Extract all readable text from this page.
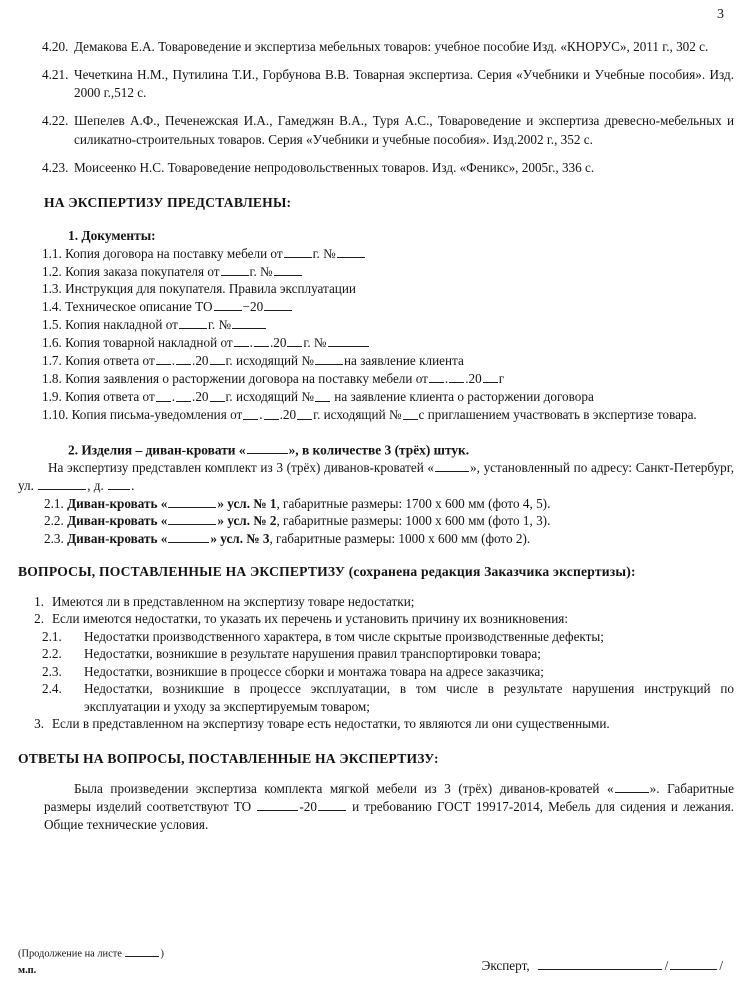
3
4.20. Демакова Е.А. Товароведение и экспертиза мебельных товаров: учебное пособие Изд. «КНОРУС», 2011 г., 302 с.
4.21. Чечеткина Н.М., Путилина Т.И., Горбунова В.В. Товарная экспертиза. Серия «Учебники и Учебные пособия». Изд. 2000 г.,512 с.
4.22. Шепелев А.Ф., Печенежская И.А., Гамеджян В.А., Туря А.С., Товароведение и экспертиза древесно-мебельных и силикатно-строительных товаров. Серия «Учебники и учебные пособия». Изд.2002 г., 352 с.
4.23. Моисеенко Н.С. Товароведение непродовольственных товаров. Изд. «Феникс», 2005г., 336 с.
НА ЭКСПЕРТИЗУ ПРЕДСТАВЛЕНЫ:
1. Документы:
1.1. Копия договора на поставку мебели от г. №
1.2. Копия заказа покупателя от г. №
1.3. Инструкция для покупателя. Правила эксплуатации
1.4. Техническое описание ТО −20
1.5. Копия накладной от г. №
1.6. Копия товарной накладной от . .20 г. №
1.7. Копия ответа от . .20 г. исходящий № на заявление клиента
1.8. Копия заявления о расторжении договора на поставку мебели от . .20 г
1.9. Копия ответа от . .20 г. исходящий № на заявление клиента о расторжении договора
1.10. Копия письма-уведомления от . .20 г. исходящий № с приглашением участвовать в экспертизе товара.
2. Изделия – диван-кровати «	», в количестве 3 (трёх) штук.
На экспертизу представлен комплект из 3 (трёх) диванов-кроватей «	», установленный по адресу: Санкт-Петербург, ул.	, д. .
2.1. Диван-кровать «	» усл. № 1, габаритные размеры: 1700 х 600 мм (фото 4, 5).
2.2. Диван-кровать «	» усл. № 2, габаритные размеры: 1000 х 600 мм (фото 1, 3).
2.3. Диван-кровать «	» усл. № 3, габаритные размеры: 1000 х 600 мм (фото 2).
ВОПРОСЫ, ПОСТАВЛЕННЫЕ НА ЭКСПЕРТИЗУ (сохранена редакция Заказчика экспертизы):
1. Имеются ли в представленном на экспертизу товаре недостатки;
2. Если имеются недостатки, то указать их перечень и установить причину их возникновения:
2.1.	Недостатки производственного характера, в том числе скрытые производственные дефекты;
2.2.	Недостатки, возникшие в результате нарушения правил транспортировки товара;
2.3.	Недостатки, возникшие в процессе сборки и монтажа товара на адресе заказчика;
2.4.	Недостатки, возникшие в процессе эксплуатации, в том числе в результате нарушения инструкций по эксплуатации и уходу за экспертируемым товаром;
3. Если в представленном на экспертизу товаре есть недостатки, то являются ли они существенными.
ОТВЕТЫ НА ВОПРОСЫ, ПОСТАВЛЕННЫЕ НА ЭКСПЕРТИЗУ:
Была произведении экспертиза комплекта мягкой мебели из 3 (трёх) диванов-кроватей «	». Габаритные размеры изделий соответствуют ТО	-20 и требованию ГОСТ 19917-2014, Мебель для сидения и лежания. Общие технические условия.
(Продолжение на листе	)
м.п.	Эксперт,	/	/
